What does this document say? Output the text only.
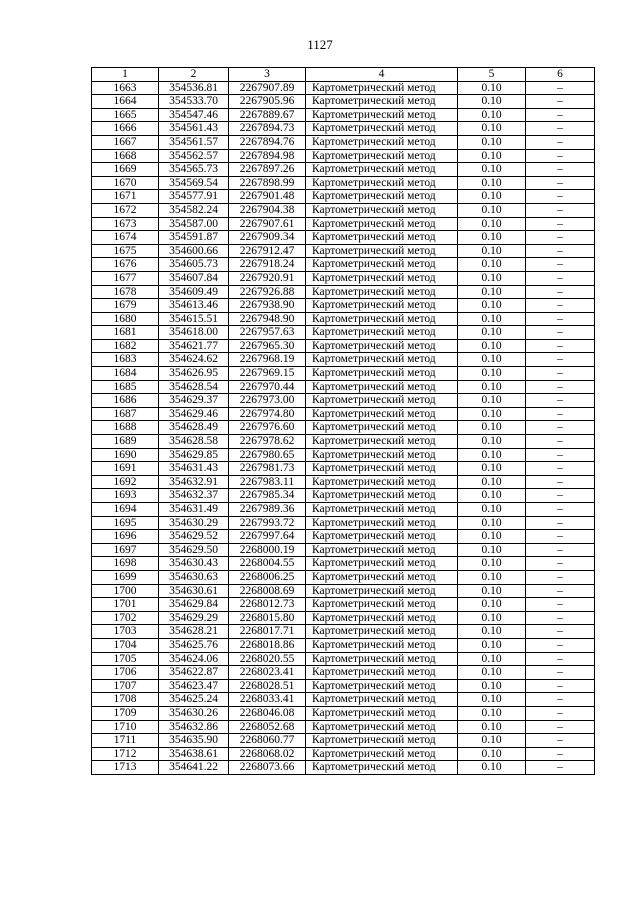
1127
1	2	3	4	5	6
1663	354536.81	2267907.89	Картометрический метод	0.10	–
1664	354533.70	2267905.96	Картометрический метод	0.10	–
1665	354547.46	2267889.67	Картометрический метод	0.10	–
1666	354561.43	2267894.73	Картометрический метод	0.10	–
1667	354561.57	2267894.76	Картометрический метод	0.10	–
1668	354562.57	2267894.98	Картометрический метод	0.10	–
1669	354565.73	2267897.26	Картометрический метод	0.10	–
1670	354569.54	2267898.99	Картометрический метод	0.10	–
1671	354577.91	2267901.48	Картометрический метод	0.10	–
1672	354582.24	2267904.38	Картометрический метод	0.10	–
1673	354587.00	2267907.61	Картометрический метод	0.10	–
1674	354591.87	2267909.34	Картометрический метод	0.10	–
1675	354600.66	2267912.47	Картометрический метод	0.10	–
1676	354605.73	2267918.24	Картометрический метод	0.10	–
1677	354607.84	2267920.91	Картометрический метод	0.10	–
1678	354609.49	2267926.88	Картометрический метод	0.10	–
1679	354613.46	2267938.90	Картометрический метод	0.10	–
1680	354615.51	2267948.90	Картометрический метод	0.10	–
1681	354618.00	2267957.63	Картометрический метод	0.10	–
1682	354621.77	2267965.30	Картометрический метод	0.10	–
1683	354624.62	2267968.19	Картометрический метод	0.10	–
1684	354626.95	2267969.15	Картометрический метод	0.10	–
1685	354628.54	2267970.44	Картометрический метод	0.10	–
1686	354629.37	2267973.00	Картометрический метод	0.10	–
1687	354629.46	2267974.80	Картометрический метод	0.10	–
1688	354628.49	2267976.60	Картометрический метод	0.10	–
1689	354628.58	2267978.62	Картометрический метод	0.10	–
1690	354629.85	2267980.65	Картометрический метод	0.10	–
1691	354631.43	2267981.73	Картометрический метод	0.10	–
1692	354632.91	2267983.11	Картометрический метод	0.10	–
1693	354632.37	2267985.34	Картометрический метод	0.10	–
1694	354631.49	2267989.36	Картометрический метод	0.10	–
1695	354630.29	2267993.72	Картометрический метод	0.10	–
1696	354629.52	2267997.64	Картометрический метод	0.10	–
1697	354629.50	2268000.19	Картометрический метод	0.10	–
1698	354630.43	2268004.55	Картометрический метод	0.10	–
1699	354630.63	2268006.25	Картометрический метод	0.10	–
1700	354630.61	2268008.69	Картометрический метод	0.10	–
1701	354629.84	2268012.73	Картометрический метод	0.10	–
1702	354629.29	2268015.80	Картометрический метод	0.10	–
1703	354628.21	2268017.71	Картометрический метод	0.10	–
1704	354625.76	2268018.86	Картометрический метод	0.10	–
1705	354624.06	2268020.55	Картометрический метод	0.10	–
1706	354622.87	2268023.41	Картометрический метод	0.10	–
1707	354623.47	2268028.51	Картометрический метод	0.10	–
1708	354625.24	2268033.41	Картометрический метод	0.10	–
1709	354630.26	2268046.08	Картометрический метод	0.10	–
1710	354632.86	2268052.68	Картометрический метод	0.10	–
1711	354635.90	2268060.77	Картометрический метод	0.10	–
1712	354638.61	2268068.02	Картометрический метод	0.10	–
1713	354641.22	2268073.66	Картометрический метод	0.10	–
